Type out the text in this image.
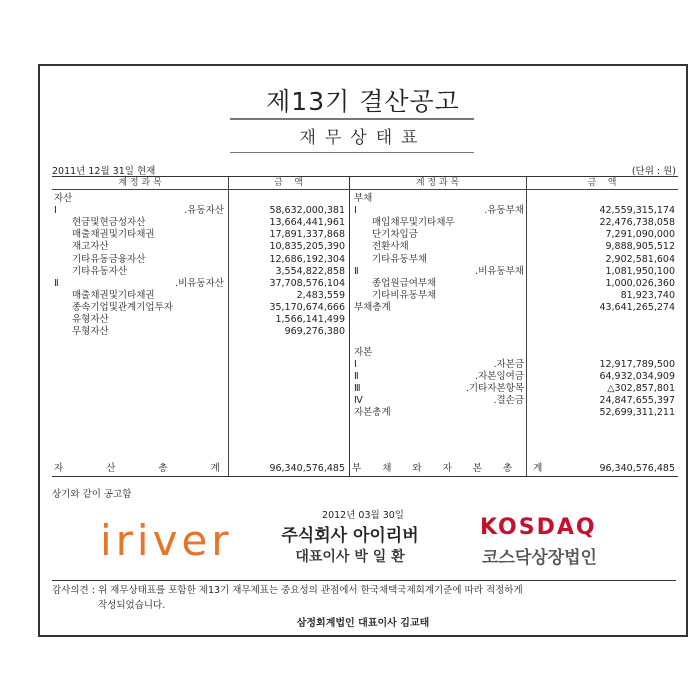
제13기 결산공고
재무상태표
2011년 12월 31일 현재	(단위 : 원)
계 정 과 목	금    액	계 정 과 목	금    액
자 산 총 계	96,340,576,485 부 채 와 자 본 총 계	96,340,576,485
자산
Ⅰ.유동자산	58,632,000,381
현금및현금성자산	13,664,441,961
매출채권및기타채권	17,891,337,868
재고자산	10,835,205,390
기타유동금융자산	12,686,192,304
기타유동자산	3,554,822,858
Ⅱ.비유동자산	37,708,576,104
매출채권및기타채권	2,483,559
종속기업및관계기업투자	35,170,674,666
유형자산	1,566,141,499
무형자산	969,276,380
부채
Ⅰ.유동부채	42,559,315,174
매입채무및기타채무	22,476,738,058
단기차입금	7,291,090,000
전환사채	9,888,905,512
기타유동부채	2,902,581,604
Ⅱ.비유동부채	1,081,950,100
종업원급여부채	1,000,026,360
기타비유동부채	81,923,740
부채총계	43,641,265,274
자본
Ⅰ.자본금	12,917,789,500
Ⅱ.자본잉여금	64,932,034,909
Ⅲ.기타자본항목	△302,857,801
Ⅳ.결손금	24,847,655,397
자본총계	52,699,311,211
상기와 같이 공고함
2012년 03월 30일
iriver	주식회사 아이리버
대표이사 박 일 환
KOSDAQ
코스닥상장법인
감사의견 : 위 재무상태표를 포함한 제13기 재무제표는 중요성의 관점에서 한국채택국제회계기준에 따라 적정하게
작성되었습니다.
삼정회계법인 대표이사 김교태
